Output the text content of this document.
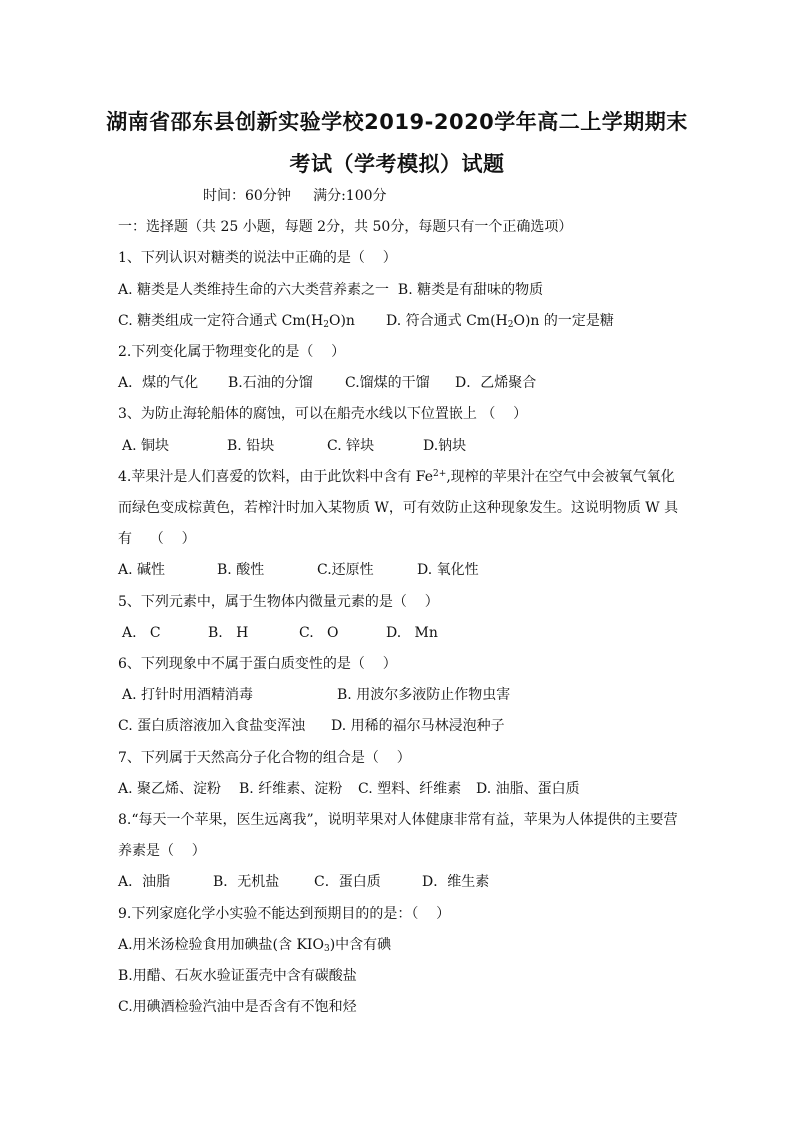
湖南省邵东县创新实验学校2019-2020学年高二上学期期末
考试（学考模拟）试题
时间：60分钟     满分:100分
一：选择题（共 25 小题，每题 2分，共 50分，每题只有一个正确选项）
1、下列认识对糖类的说法中正确的是（    ）
A. 糖类是人类维持生命的六大类营养素之一  B. 糖类是有甜味的物质

C. 糖类组成一定符合通式 $Cm(H_2O)n$

D. 符合通式 $Cm(H_2O)n$ 的一定是糖

2.下列变化属于物理变化的是（    ）

A．煤的气化

B.石油的分馏

C.馏煤的干馏

D．乙烯聚合

3、为防止海轮船体的腐蚀，可以在船壳水线以下位置嵌上 （    ）

A. 铜块

	B. 铅块

	C. 锌块

	D.钠块

4.苹果汁是人们喜爱的饮料，由于此饮料中含有 $Fe^{2+}$,现榨的苹果汁在空气中会被氧气氧化
而绿色变成棕黄色，若榨汁时加入某物质 W，可有效防止这种现象发生。这说明物质 W 具
有    （    ）

A. 碱性

	B. 酸性

	C.还原性

	D. 氧化性

5、下列元素中，属于生物体内微量元素的是（    ）

A.   C

	B.   H

	C.   O

	D.   Mn

6、下列现象中不属于蛋白质变性的是（    ）

A. 打针时用酒精消毒

	B. 用波尔多液防止作物虫害

C. 蛋白质溶液加入食盐变浑浊

D. 用稀的福尔马林浸泡种子

7、下列属于天然高分子化合物的组合是（    ）

A. 聚乙烯、淀粉

B. 纤维素、淀粉

C. 塑料、纤维素

D. 油脂、蛋白质

8.“每天一个苹果，医生远离我”，说明苹果对人体健康非常有益，苹果为人体提供的主要营
养素是（    ）

A．油脂

	B．无机盐

C．蛋白质

	D．维生素

9.下列家庭化学小实验不能达到预期目的的是：（    ）
A.用米汤检验食用加碘盐(含 $KIO_3$)中含有碘
B.用醋、石灰水验证蛋壳中含有碳酸盐
C.用碘酒检验汽油中是否含有不饱和烃
